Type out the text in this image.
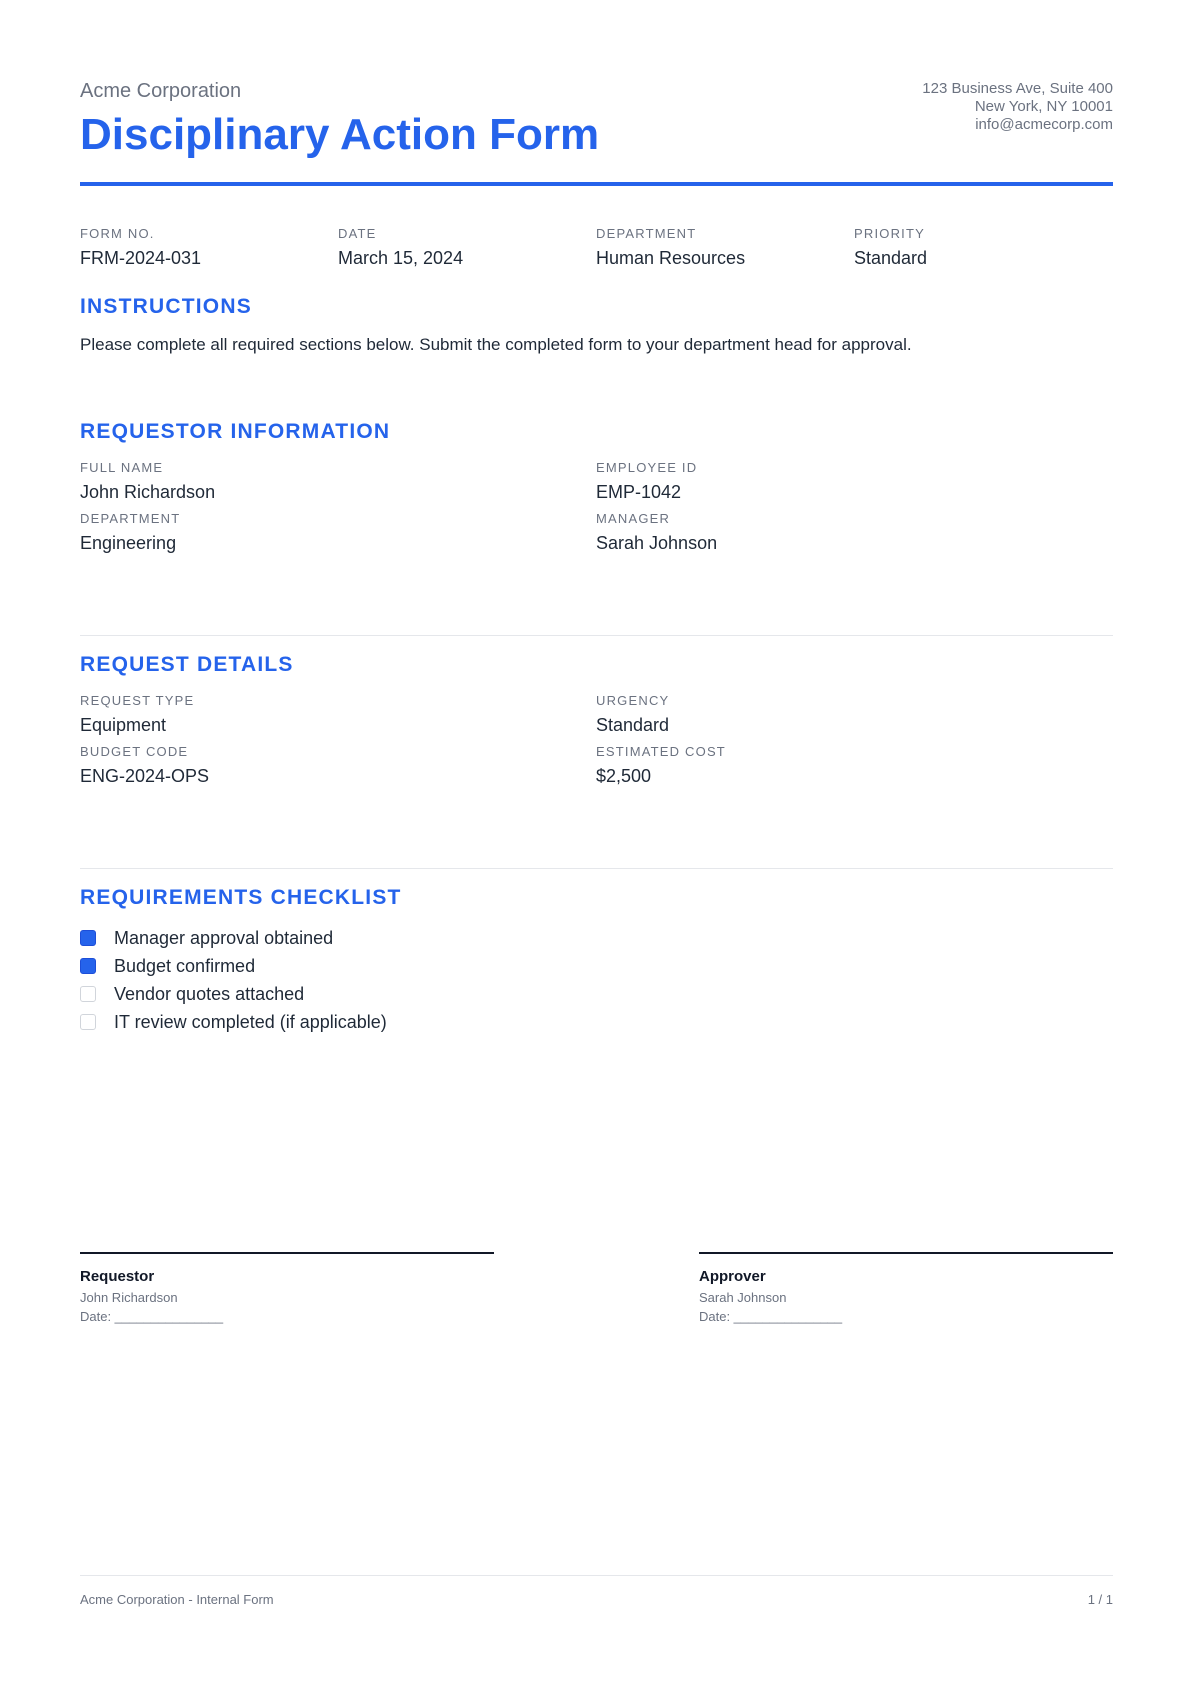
Acme Corporation
Disciplinary Action Form
123 Business Ave, Suite 400
New York, NY 10001
info@acmecorp.com
FORM NO.
FRM-2024-031
DATE
March 15, 2024
DEPARTMENT
Human Resources
PRIORITY
Standard
INSTRUCTIONS
Please complete all required sections below. Submit the completed form to your department head for approval.
REQUESTOR INFORMATION
FULL NAME
John Richardson
EMPLOYEE ID
EMP-1042
DEPARTMENT
Engineering
MANAGER
Sarah Johnson
REQUEST DETAILS
REQUEST TYPE
Equipment
URGENCY
Standard
BUDGET CODE
ENG-2024-OPS
ESTIMATED COST
$2,500
REQUIREMENTS CHECKLIST
Manager approval obtained
Budget confirmed
Vendor quotes attached
IT review completed (if applicable)
Requestor
John Richardson
Date: _______________
Approver
Sarah Johnson
Date: _______________
Acme Corporation - Internal Form	1 / 1
